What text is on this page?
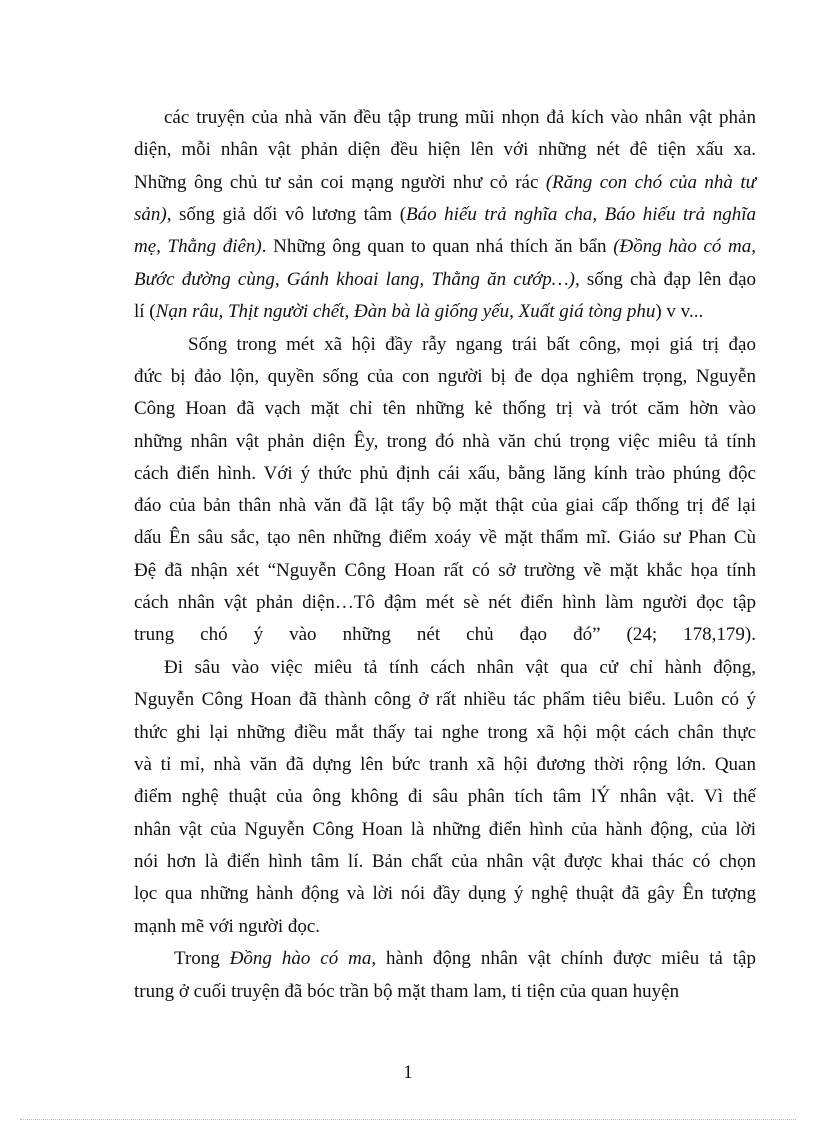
các truyện của nhà văn đều tập trung mũi nhọn đả kích vào nhân vật phản
diện, mỗi nhân vật phản diện đều hiện lên với những nét đê tiện xấu xa.
Những ông chủ tư sản coi mạng người như cỏ rác (Răng con chó của nhà tư
sản), sống giả dối vô lương tâm (Báo hiếu trả nghĩa cha, Báo hiếu trả nghĩa
mẹ, Thằng điên). Những ông quan to quan nhá thích ăn bẩn (Đồng hào có ma,
Bước đường cùng, Gánh khoai lang, Thằng ăn cướp…), sống chà đạp lên đạo
lí (Nạn râu, Thịt người chết, Đàn bà là giống yếu, Xuất giá tòng phu) v v...
Sống trong mét xã hội đầy rẫy ngang trái bất công, mọi giá trị đạo
đức bị đảo lộn, quyền sống của con người bị đe dọa nghiêm trọng, Nguyễn
Công Hoan đã vạch mặt chỉ tên những kẻ thống trị và trót căm hờn vào
những nhân vật phản diện Êy, trong đó nhà văn chú trọng việc miêu tả tính
cách điển hình. Với ý thức phủ định cái xấu, bằng lăng kính trào phúng độc
đáo của bản thân nhà văn đã lật tẩy bộ mặt thật của giai cấp thống trị để lại
dấu Ên sâu sắc, tạo nên những điểm xoáy về mặt thẩm mĩ. Giáo sư Phan Cù
Đệ đã nhận xét “Nguyễn Công Hoan rất có sở trường về mặt khắc họa tính
cách nhân vật phản diện…Tô đậm mét sè nét điển hình làm người đọc tập
trung chó ý vào những nét chủ đạo đó” (24; 178,179).
Đi sâu vào việc miêu tả tính cách nhân vật qua cử chỉ hành động,
Nguyễn Công Hoan đã thành công ở rất nhiều tác phẩm tiêu biểu. Luôn có ý
thức ghi lại những điều mắt thấy tai nghe trong xã hội một cách chân thực
và tỉ mỉ, nhà văn đã dựng lên bức tranh xã hội đương thời rộng lớn. Quan
điểm nghệ thuật của ông không đi sâu phân tích tâm lÝ nhân vật. Vì thế
nhân vật của Nguyễn Công Hoan là những điển hình của hành động, của lời
nói hơn là điển hình tâm lí. Bản chất của nhân vật được khai thác có chọn
lọc qua những hành động và lời nói đầy dụng ý nghệ thuật đã gây Ên tượng
mạnh mẽ với người đọc.
Trong Đồng hào có ma, hành động nhân vật chính được miêu tả tập
trung ở cuối truyện đã bóc trần bộ mặt tham lam, ti tiện của quan huyện
1
